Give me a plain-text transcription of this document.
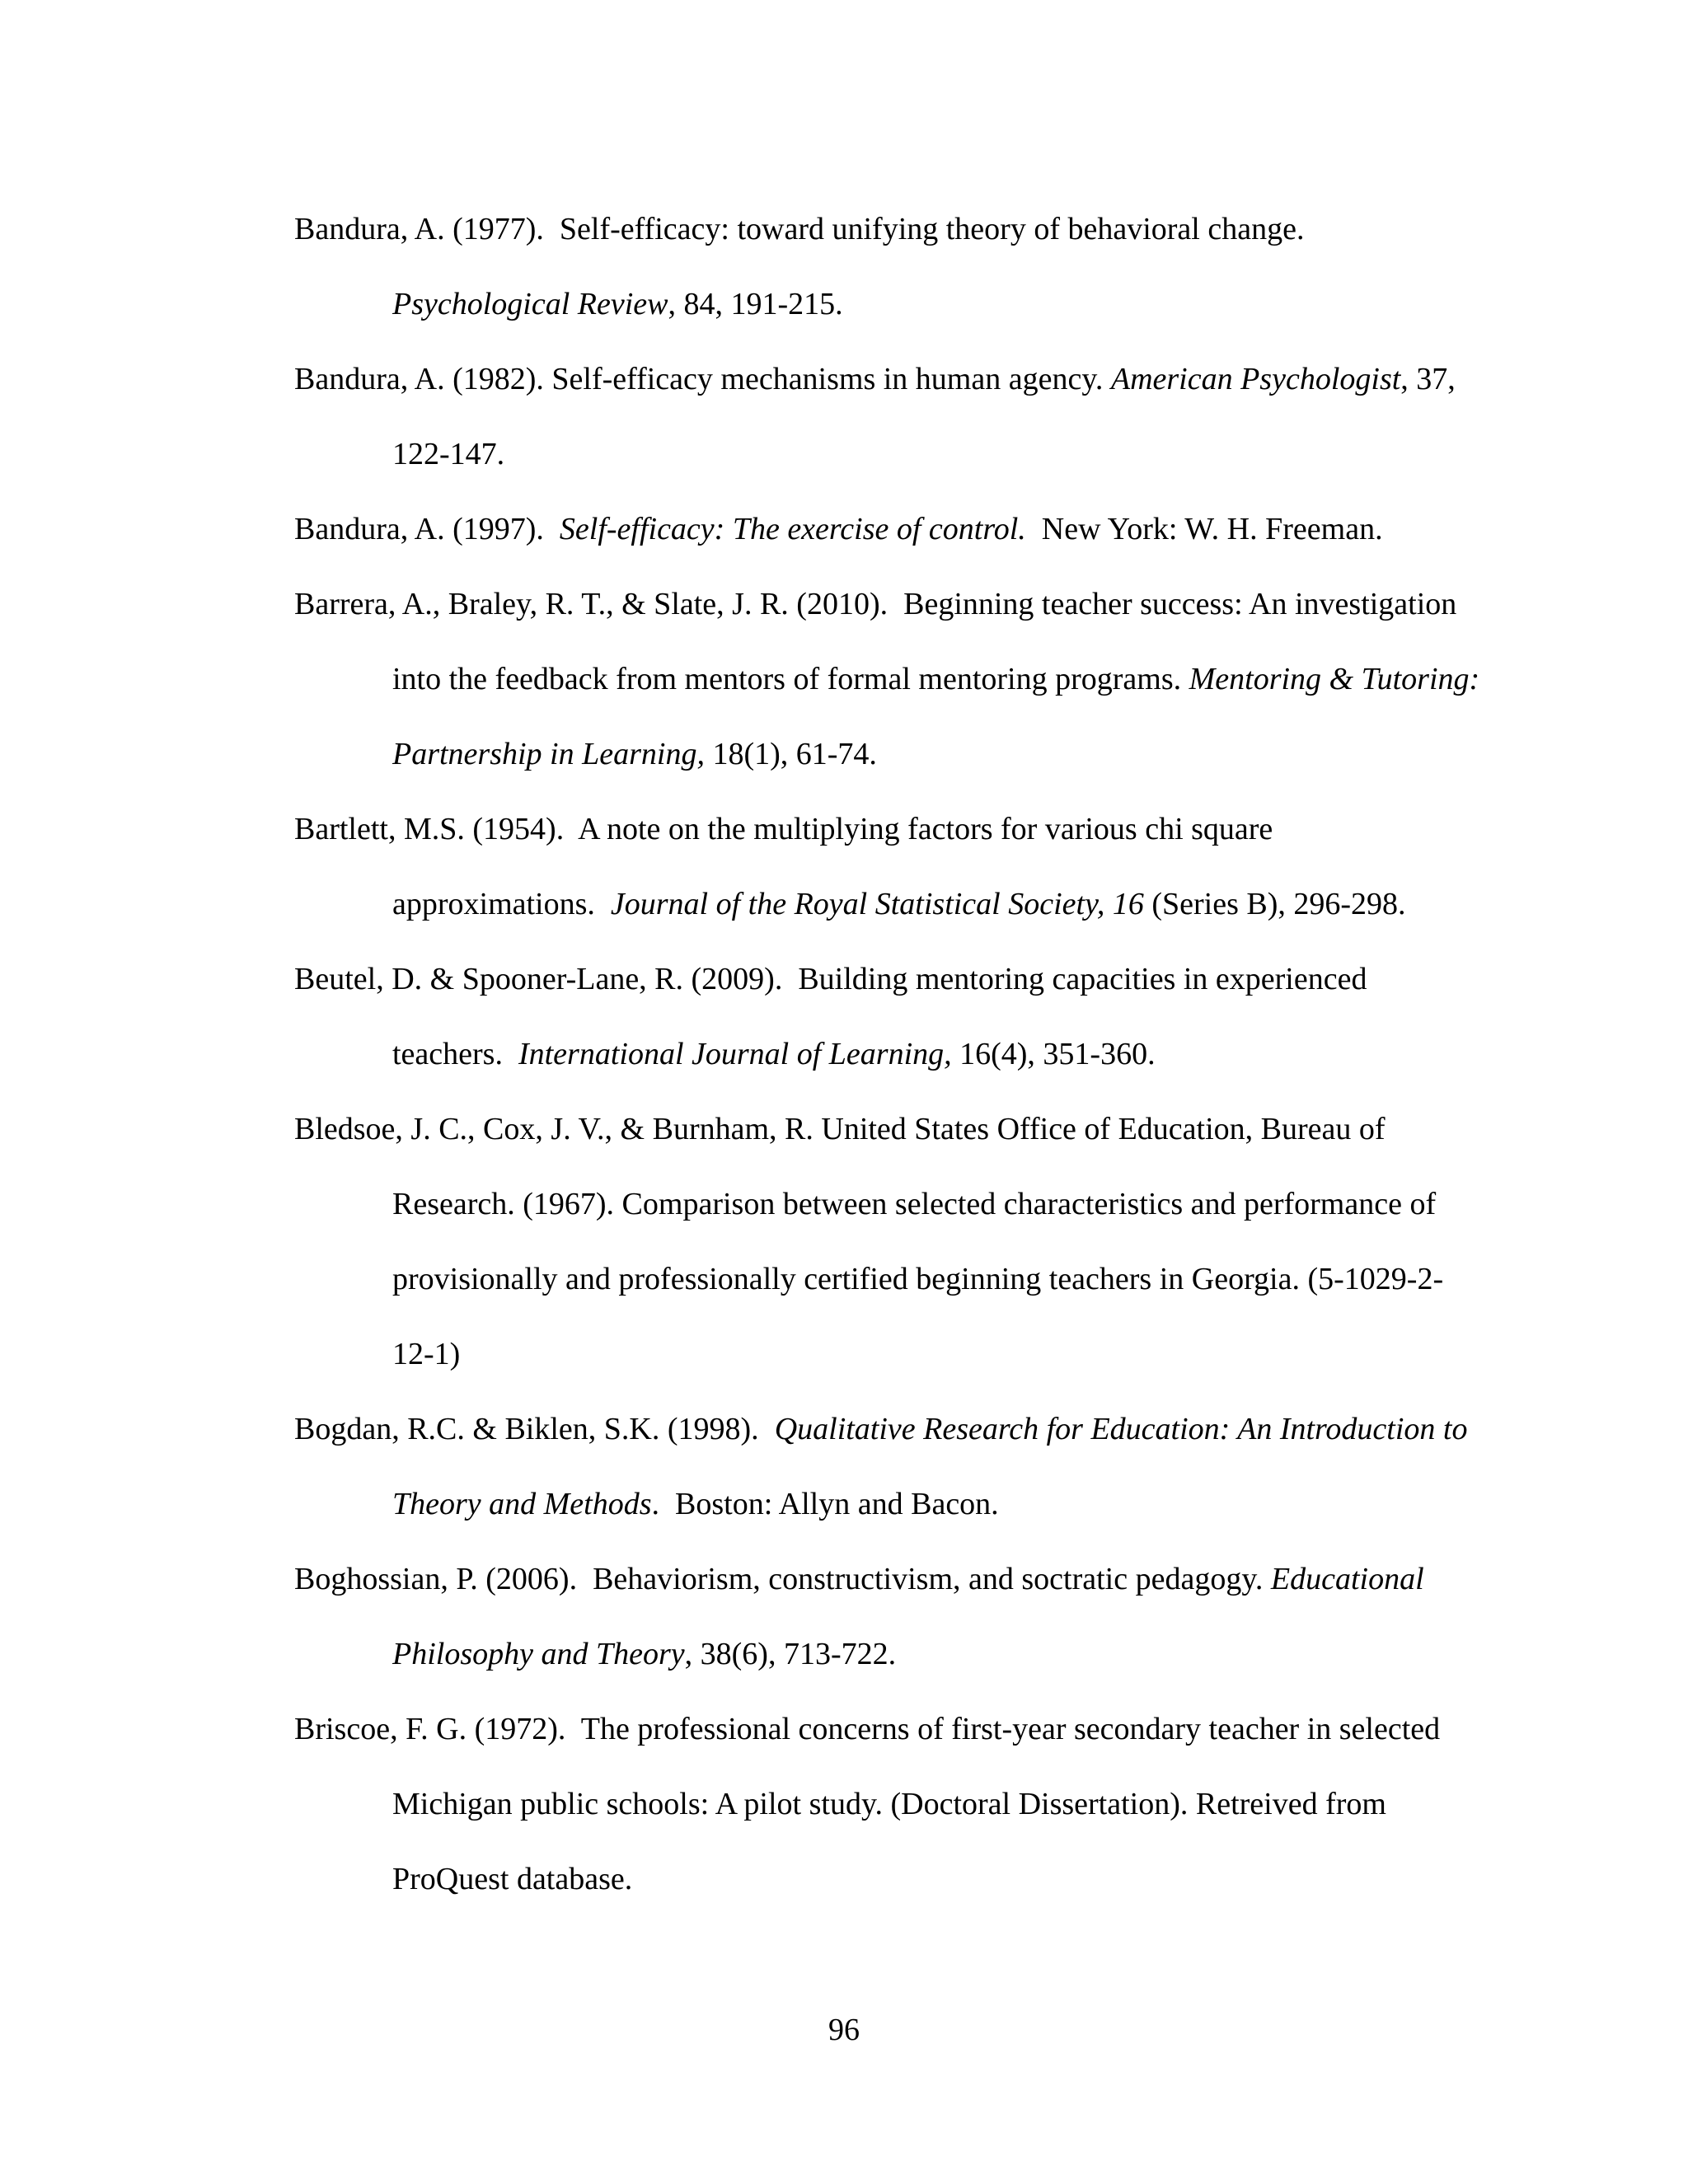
Bandura, A. (1977).  Self-efficacy: toward unifying theory of behavioral change. Psychological Review, 84, 191-215.

Bandura, A. (1982). Self-efficacy mechanisms in human agency. American Psychologist, 37, 122-147.

Bandura, A. (1997).  Self-efficacy: The exercise of control.  New York: W. H. Freeman.

Barrera, A., Braley, R. T., & Slate, J. R. (2010).  Beginning teacher success: An investigation into the feedback from mentors of formal mentoring programs. Mentoring & Tutoring: Partnership in Learning, 18(1), 61-74.

Bartlett, M.S. (1954).  A note on the multiplying factors for various chi square approximations.  Journal of the Royal Statistical Society, 16 (Series B), 296-298.

Beutel, D. & Spooner-Lane, R. (2009).  Building mentoring capacities in experienced teachers.  International Journal of Learning, 16(4), 351-360.

Bledsoe, J. C., Cox, J. V., & Burnham, R. United States Office of Education, Bureau of Research. (1967). Comparison between selected characteristics and performance of provisionally and professionally certified beginning teachers in Georgia. (5-1029-2-12-1)

Bogdan, R.C. & Biklen, S.K. (1998).  Qualitative Research for Education: An Introduction to Theory and Methods.  Boston: Allyn and Bacon.

Boghossian, P. (2006).  Behaviorism, constructivism, and soctratic pedagogy. Educational Philosophy and Theory, 38(6), 713-722.

Briscoe, F. G. (1972).  The professional concerns of first-year secondary teacher in selected Michigan public schools: A pilot study. (Doctoral Dissertation). Retreived from ProQuest database.

96
